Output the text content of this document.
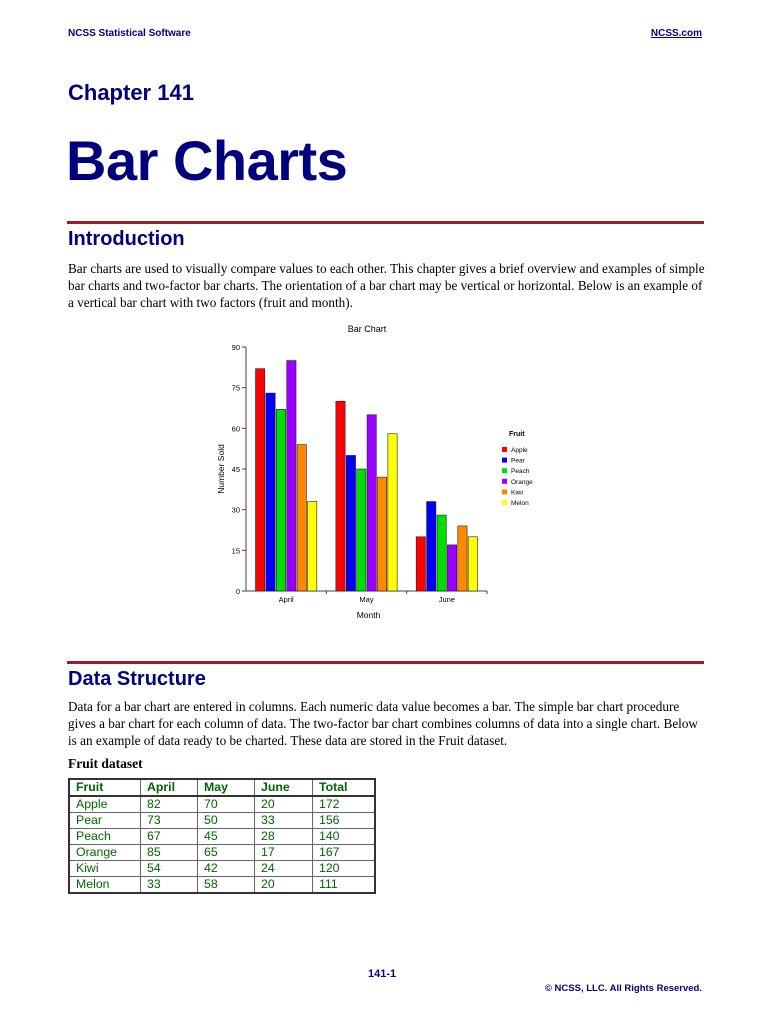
NCSS Statistical Software	NCSS.com
Chapter 141
Bar Charts
Introduction
Bar charts are used to visually compare values to each other. This chapter gives a brief overview and examples of simple bar charts and two-factor bar charts. The orientation of a bar chart may be vertical or horizontal. Below is an example of a vertical bar chart with two factors (fruit and month).
Bar Chart
0
15
30
45
60
75
90
Number Sold
Month
April	May	June
Fruit
Apple
Pear
Peach
Orange
Kiwi
Melon
Data Structure
Data for a bar chart are entered in columns. Each numeric data value becomes a bar. The simple bar chart procedure gives a bar chart for each column of data. The two-factor bar chart combines columns of data into a single chart. Below is an example of data ready to be charted. These data are stored in the Fruit dataset.
Fruit dataset
Fruit	April	May	June	Total
Apple	82	70	20	172
Pear	73	50	33	156
Peach	67	45	28	140
Orange	85	65	17	167
Kiwi	54	42	24	120
Melon	33	58	20	111
141-1
© NCSS, LLC. All Rights Reserved.
